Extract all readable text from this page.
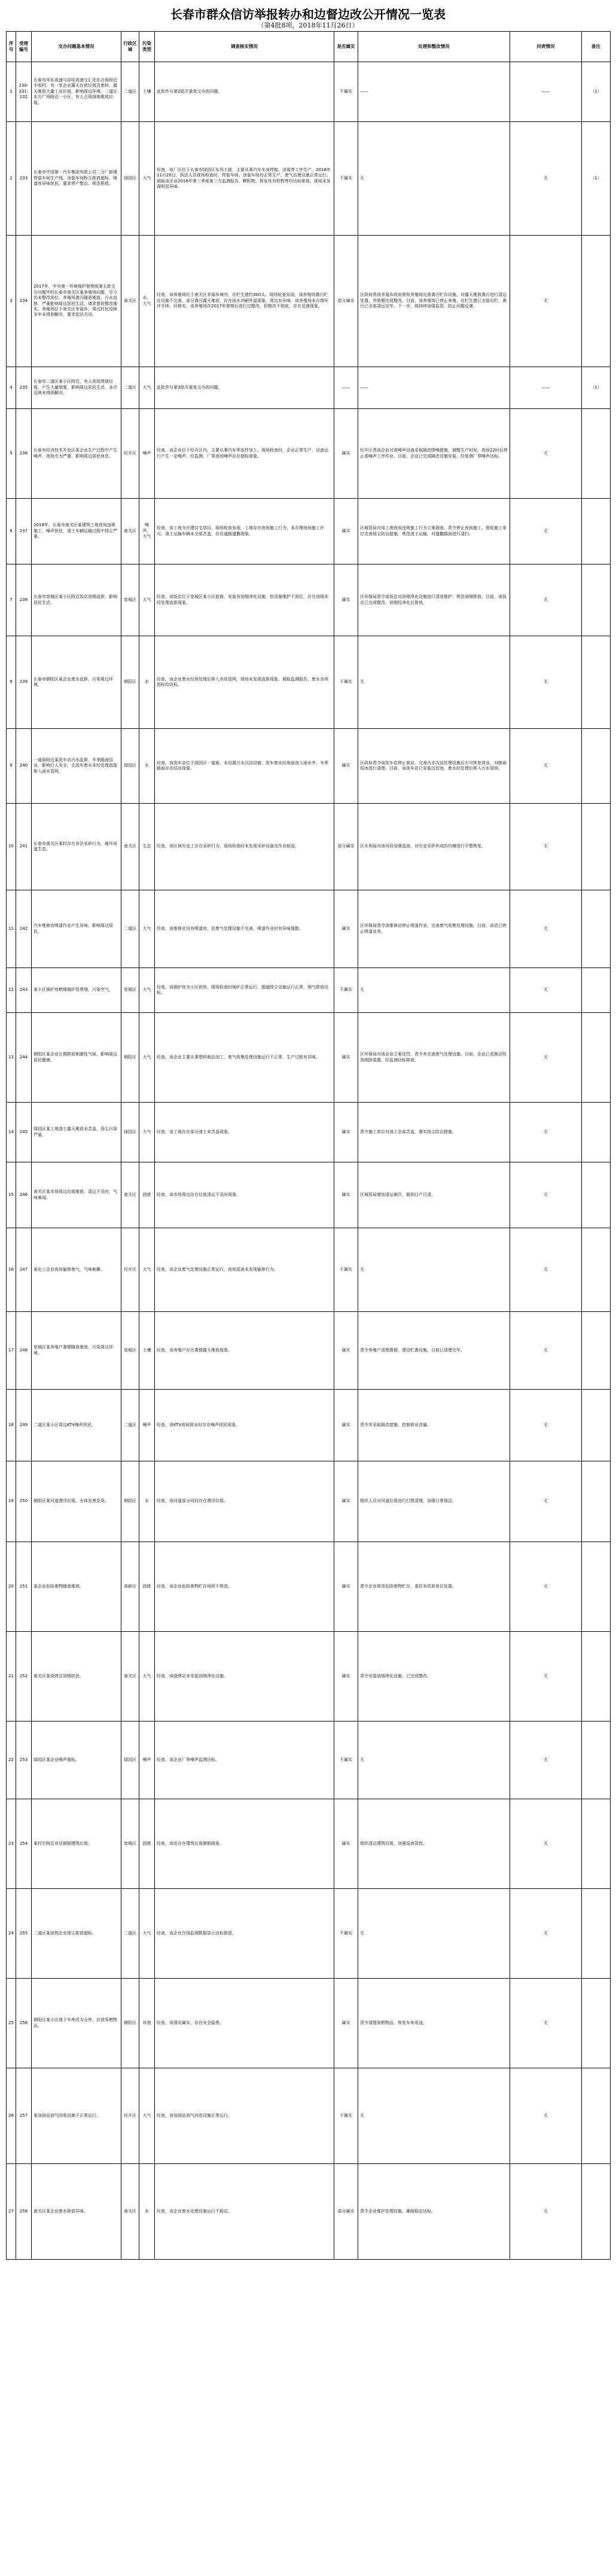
长春市群众信访举报转办和边督边改公开情况一览表
（第4批8项，2018年11月26日）
序号	受理编号	交办问题基本情况	行政区域	污染类型	调查核实情况	是否属实	处理和整改情况	问责情况	备注
1	230-231-232	长春市环东高速与京哈高速交汇处东北角附近丰收村，有一家企业露天存放垃圾及废料，露天堆放大量工业垃圾，影响周边环境。二道区东方广场附近一小区，有人占用绿地堆放垃圾。	二道区	土壤	此批件与第2批次重复交办的问题。	不属实	——	——	（1）
2	233	长春市中国第一汽车集团有限公司二分厂新建焊装车间生产线，涂装车间粉尘排放超标，喷漆房异味扰民，要求停产整治、规范排放。	绿园区	大气	经查，该厂区位于长春市绿园区东风大街，主要从事汽车车身焊接、涂装等工序生产。2018年11月20日，执法人员现场检查时，焊装车间、涂装车间均正常生产，废气治理设施正常运行。调取该企业2018年第三季度第三方监测报告，颗粒物、挥发性有机物等均达标排放。现场未发现明显异味。	不属实	无	无	（1）
3	234	2017年，中央第一环境保护督察组第五批交办问题中的长春市南关区某养殖场问题，至今仍未整改到位。养殖场粪污随意堆放，污水直排，严重影响周边居民生活，请求督促整改落实。养殖场位于南关区幸福乡，周边村民反映多年未得到解决，要求依法关闭。	南关区	水、大气	经查，该养殖场位于南关区幸福乡境内，存栏生猪约300头。现场检查发现，该养殖场粪污贮存设施不完善，部分粪污露天堆放，存在雨水冲刷外溢现象，周边有异味。该养殖场未办理环评手续。经核实，该养殖场在2017年督察后进行过整改，但整改不彻底，存在反弹现象。	部分属实	区政府责成幸福乡政府督促养殖场完善粪污贮存设施，对露天堆放粪污进行清运处置，并限期完成整改。目前，该养殖场已停止养殖，存栏生猪已全部出栏，粪污已全部清运完毕。下一步，将持续加强监管，防止问题反弹。	无	
4	235	长春市二道区某小区附近，有人夜间焚烧垃圾，产生大量烟雾，影响周边居民生活，多次反映未得到解决。	二道区	大气	此批件与第3批次重复交办的问题。	——	——	——	（1）
5	236	长春市经济技术开发区某企业生产过程中产生噪声，夜间尤为严重，影响周边居民休息。	经开区	噪声	经查，该企业位于经开区内，主要从事汽车零部件加工。现场检查时，企业正常生产，设备运行产生一定噪声。经监测，厂界夜间噪声存在超标现象。	属实	经开区责成企业对高噪声设备采取隔音降噪措施，调整生产时间，夜间22时后停止高噪声工序作业。目前，企业已完成隔音设施安装，经复测厂界噪声达标。	无	
6	237	2018年，长春市南关区某建筑工地夜间违规施工，噪声扰民，渣土车辆运输过程中扬尘严重。	南关区	噪声、大气	经查，该工地为在建住宅项目。现场检查发现，工地存在夜间施工行为，未办理夜间施工许可。渣土运输车辆未全部苫盖，存在道路遗撒现象。	属实	区城管局对该工地夜间违规施工行为立案调查，责令停止夜间施工。督促施工单位完善扬尘防治措施，规范渣土运输，对遗撒路面进行清扫。	无	
7	238	长春市宽城区某小区附近饭店油烟直排，影响居民生活。	宽城区	大气	经查，该饭店位于宽城区某小区底商，安装有油烟净化设施，但设施维护不到位，存在油烟未经处理直排现象。	属实	区环保局责令该饭店对油烟净化设施进行清洗维护，规范油烟排放。目前，该饭店已完成整改，油烟经净化后排放。	无	
8	239	长春市朝阳区某企业废水直排，污染周边环境。	朝阳区	水	经查，该企业废水经预处理后排入市政管网，现场未发现直排现象。调取监测报告，废水各项指标均达标。	不属实	无	无	
9	240	一道街附近某洗车店污水乱排，冬季路面结冰，影响行人安全，且洗车废水未经处理直接排入雨水管网。	绿园区	水	经查，该洗车店位于绿园区一道街，未设置污水沉淀设施，洗车废水经地面流入雨水井。冬季路面存在结冰现象。	属实	区政府责令该洗车店停止营业，完善污水沉淀处理设施后方可恢复营业。对路面结冰进行清理。目前，该洗车店已安装沉淀池，废水经处理后排入污水管网。	无	
10	241	长春市南关区某村存在非法采砂行为，破坏河道生态。	南关区	生态	经查，该区域历史上存在采砂行为，现场检查时未发现采砂设备及作业痕迹。	部分属实	区水利局对该河段加强巡查，对历史采砂形成的坑塘进行平整恢复。	无	
11	242	汽车维修店喷漆作业产生异味，影响周边居民。	二道区	大气	经查，该维修店设有喷漆房，但废气处理设施不完善，喷漆作业时有异味逸散。	属实	区环保局责令该维修店停止喷漆作业，完善废气收集处理设施。目前，该店已停止喷漆业务。	无	
12	243	某小区锅炉房燃煤锅炉冒黑烟，污染空气。	宽城区	大气	经查，该锅炉房为小区供热，现场检查时锅炉正常运行，脱硫除尘设施运行正常，烟气排放达标。	不属实	无	无	
13	244	朝阳区某企业长期排放刺激性气味，影响周边居民健康。	朝阳区	大气	经查，该企业主要从事塑料制品加工，废气收集处理设施运行不正常，生产过程有异味。	属实	区环保局对该企业立案处罚，责令其完善废气处理设施。目前，企业已更换活性炭吸附装置，经监测达标排放。	无	
14	245	绿园区某工地渣土露天堆放未苫盖，扬尘污染严重。	绿园区	大气	经查，该工地存在部分渣土未苫盖现象。	属实	责令施工单位对渣土全部苫盖，落实扬尘防治措施。	无	
15	246	南关区某市场周边垃圾堆放，清运不及时，气味难闻。	南关区	固废	经查，该市场周边存在垃圾清运不及时现象。	属实	区城管局增加清运频次，做到日产日清。	无	
16	247	某化工企业夜间偷排废气，气味刺鼻。	经开区	大气	经查，该企业废气处理设施正常运行，夜间巡查未发现偷排行为。	不属实	无	无	
17	248	宽城区某养殖户粪便随意堆放，污染周边环境。	宽城区	土壤	经查，该养殖户存在粪便露天堆放现象。	属实	责令养殖户清理粪便，建设贮粪设施。目前已清理完毕。	无	
18	249	二道区某小区周边KTV噪声扰民。	二道区	噪声	经查，该KTV夜间营业时存在噪声扰民现象。	属实	责令其采取隔音措施，控制营业音量。	无	
19	250	朝阳区某河道漂浮垃圾，水体发黑发臭。	朝阳区	水	经查，该河道部分河段存在漂浮垃圾。	属实	组织人员对河道垃圾进行打捞清理，加强日常保洁。	无	
20	251	某企业危险废物随意堆放。	高新区	固废	经查，该企业危险废物贮存场所不规范。	属实	责令企业规范危险废物贮存，委托有资质单位处置。	无	
21	252	南关区某烧烤店油烟扰民。	南关区	大气	经查，该烧烤店未安装油烟净化设施。	属实	责令安装油烟净化设施，已完成整改。	无	
22	253	绿园区某企业噪声超标。	绿园区	噪声	经查，该企业厂界噪声监测达标。	不属实	无	无	
23	254	某村庄附近非法倾倒建筑垃圾。	宽城区	固废	经查，该处存在建筑垃圾倾倒现象。	属实	组织清运建筑垃圾，加强巡查管控。	无	
24	255	二道区某供热企业烟尘排放超标。	二道区	大气	经查，该企业在线监测数据显示达标排放。	不属实	无	无	
25	256	朝阳区某小区地下车库改为仓库，存放易燃物品。	朝阳区	其他	经查，该情况属实，存在安全隐患。	属实	责令清理易燃物品，恢复车库用途。	无	
26	257	某加油站油气回收设施不正常运行。	经开区	大气	经查，该加油站油气回收设施正常运行。	不属实	无	无	
27	258	南关区某企业废水排放异味。	南关区	水	经查，该企业废水处理设施运行不稳定。	部分属实	责令企业维护处理设施，确保稳定达标。	无	
